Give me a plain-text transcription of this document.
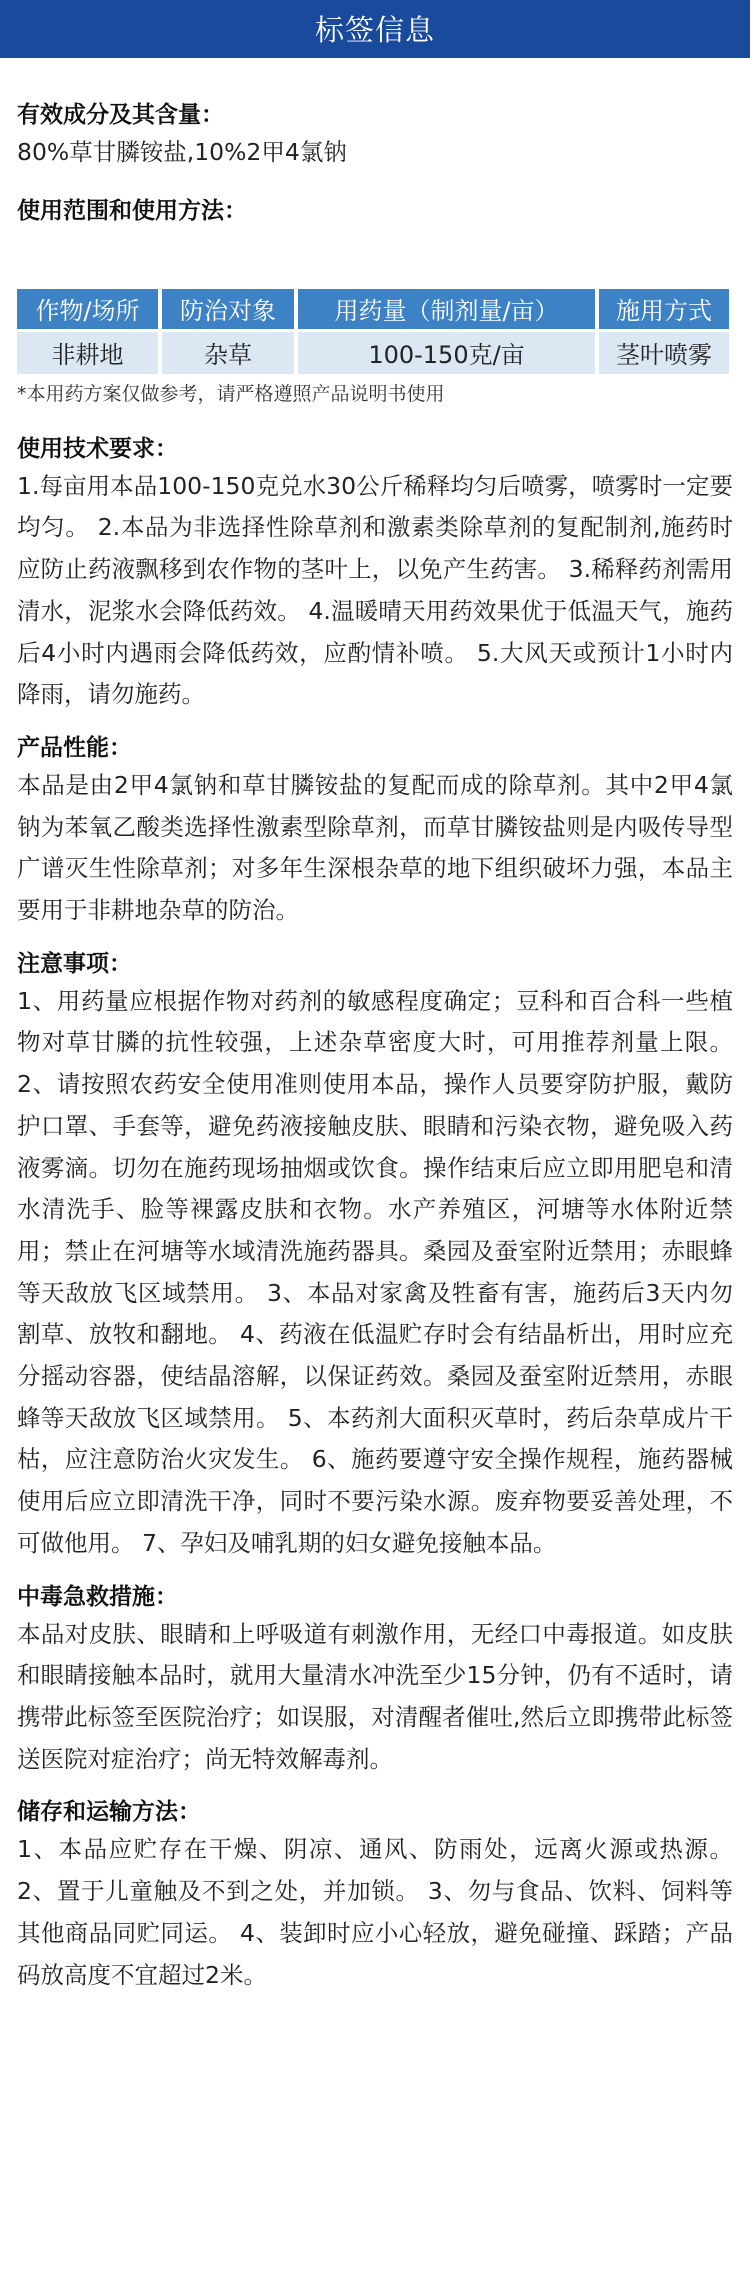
标签信息

有效成分及其含量：

80%草甘膦铵盐,10%2甲4氯钠

使用范围和使用方法：

作物/场所	防治对象	用药量（制剂量/亩）	施用方式
非耕地	杂草	100-150克/亩	茎叶喷雾

*本用药方案仅做参考，请严格遵照产品说明书使用

使用技术要求：

1.每亩用本品100-150克兑水30公斤稀释均匀后喷雾，喷雾时一定要均匀。 2.本品为非选择性除草剂和激素类除草剂的复配制剂,施药时应防止药液飘移到农作物的茎叶上，以免产生药害。 3.稀释药剂需用清水，泥浆水会降低药效。 4.温暖晴天用药效果优于低温天气，施药后4小时内遇雨会降低药效，应酌情补喷。 5.大风天或预计1小时内降雨，请勿施药。

产品性能：

本品是由2甲4氯钠和草甘膦铵盐的复配而成的除草剂。其中2甲4氯钠为苯氧乙酸类选择性激素型除草剂，而草甘膦铵盐则是内吸传导型广谱灭生性除草剂；对多年生深根杂草的地下组织破坏力强，本品主要用于非耕地杂草的防治。

注意事项：

1、用药量应根据作物对药剂的敏感程度确定；豆科和百合科一些植物对草甘膦的抗性较强，上述杂草密度大时，可用推荐剂量上限。 2、请按照农药安全使用准则使用本品，操作人员要穿防护服，戴防护口罩、手套等，避免药液接触皮肤、眼睛和污染衣物，避免吸入药液雾滴。切勿在施药现场抽烟或饮食。操作结束后应立即用肥皂和清水清洗手、脸等裸露皮肤和衣物。水产养殖区，河塘等水体附近禁用；禁止在河塘等水域清洗施药器具。桑园及蚕室附近禁用；赤眼蜂等天敌放飞区域禁用。 3、本品对家禽及牲畜有害，施药后3天内勿割草、放牧和翻地。 4、药液在低温贮存时会有结晶析出，用时应充分摇动容器，使结晶溶解，以保证药效。桑园及蚕室附近禁用，赤眼蜂等天敌放飞区域禁用。 5、本药剂大面积灭草时，药后杂草成片干枯，应注意防治火灾发生。 6、施药要遵守安全操作规程，施药器械使用后应立即清洗干净，同时不要污染水源。废弃物要妥善处理，不可做他用。 7、孕妇及哺乳期的妇女避免接触本品。

中毒急救措施：

本品对皮肤、眼睛和上呼吸道有刺激作用，无经口中毒报道。如皮肤和眼睛接触本品时，就用大量清水冲洗至少15分钟，仍有不适时，请携带此标签至医院治疗；如误服，对清醒者催吐,然后立即携带此标签送医院对症治疗；尚无特效解毒剂。

储存和运输方法：

1、本品应贮存在干燥、阴凉、通风、防雨处，远离火源或热源。 2、置于儿童触及不到之处，并加锁。 3、勿与食品、饮料、饲料等其他商品同贮同运。 4、装卸时应小心轻放，避免碰撞、踩踏；产品码放高度不宜超过2米。
